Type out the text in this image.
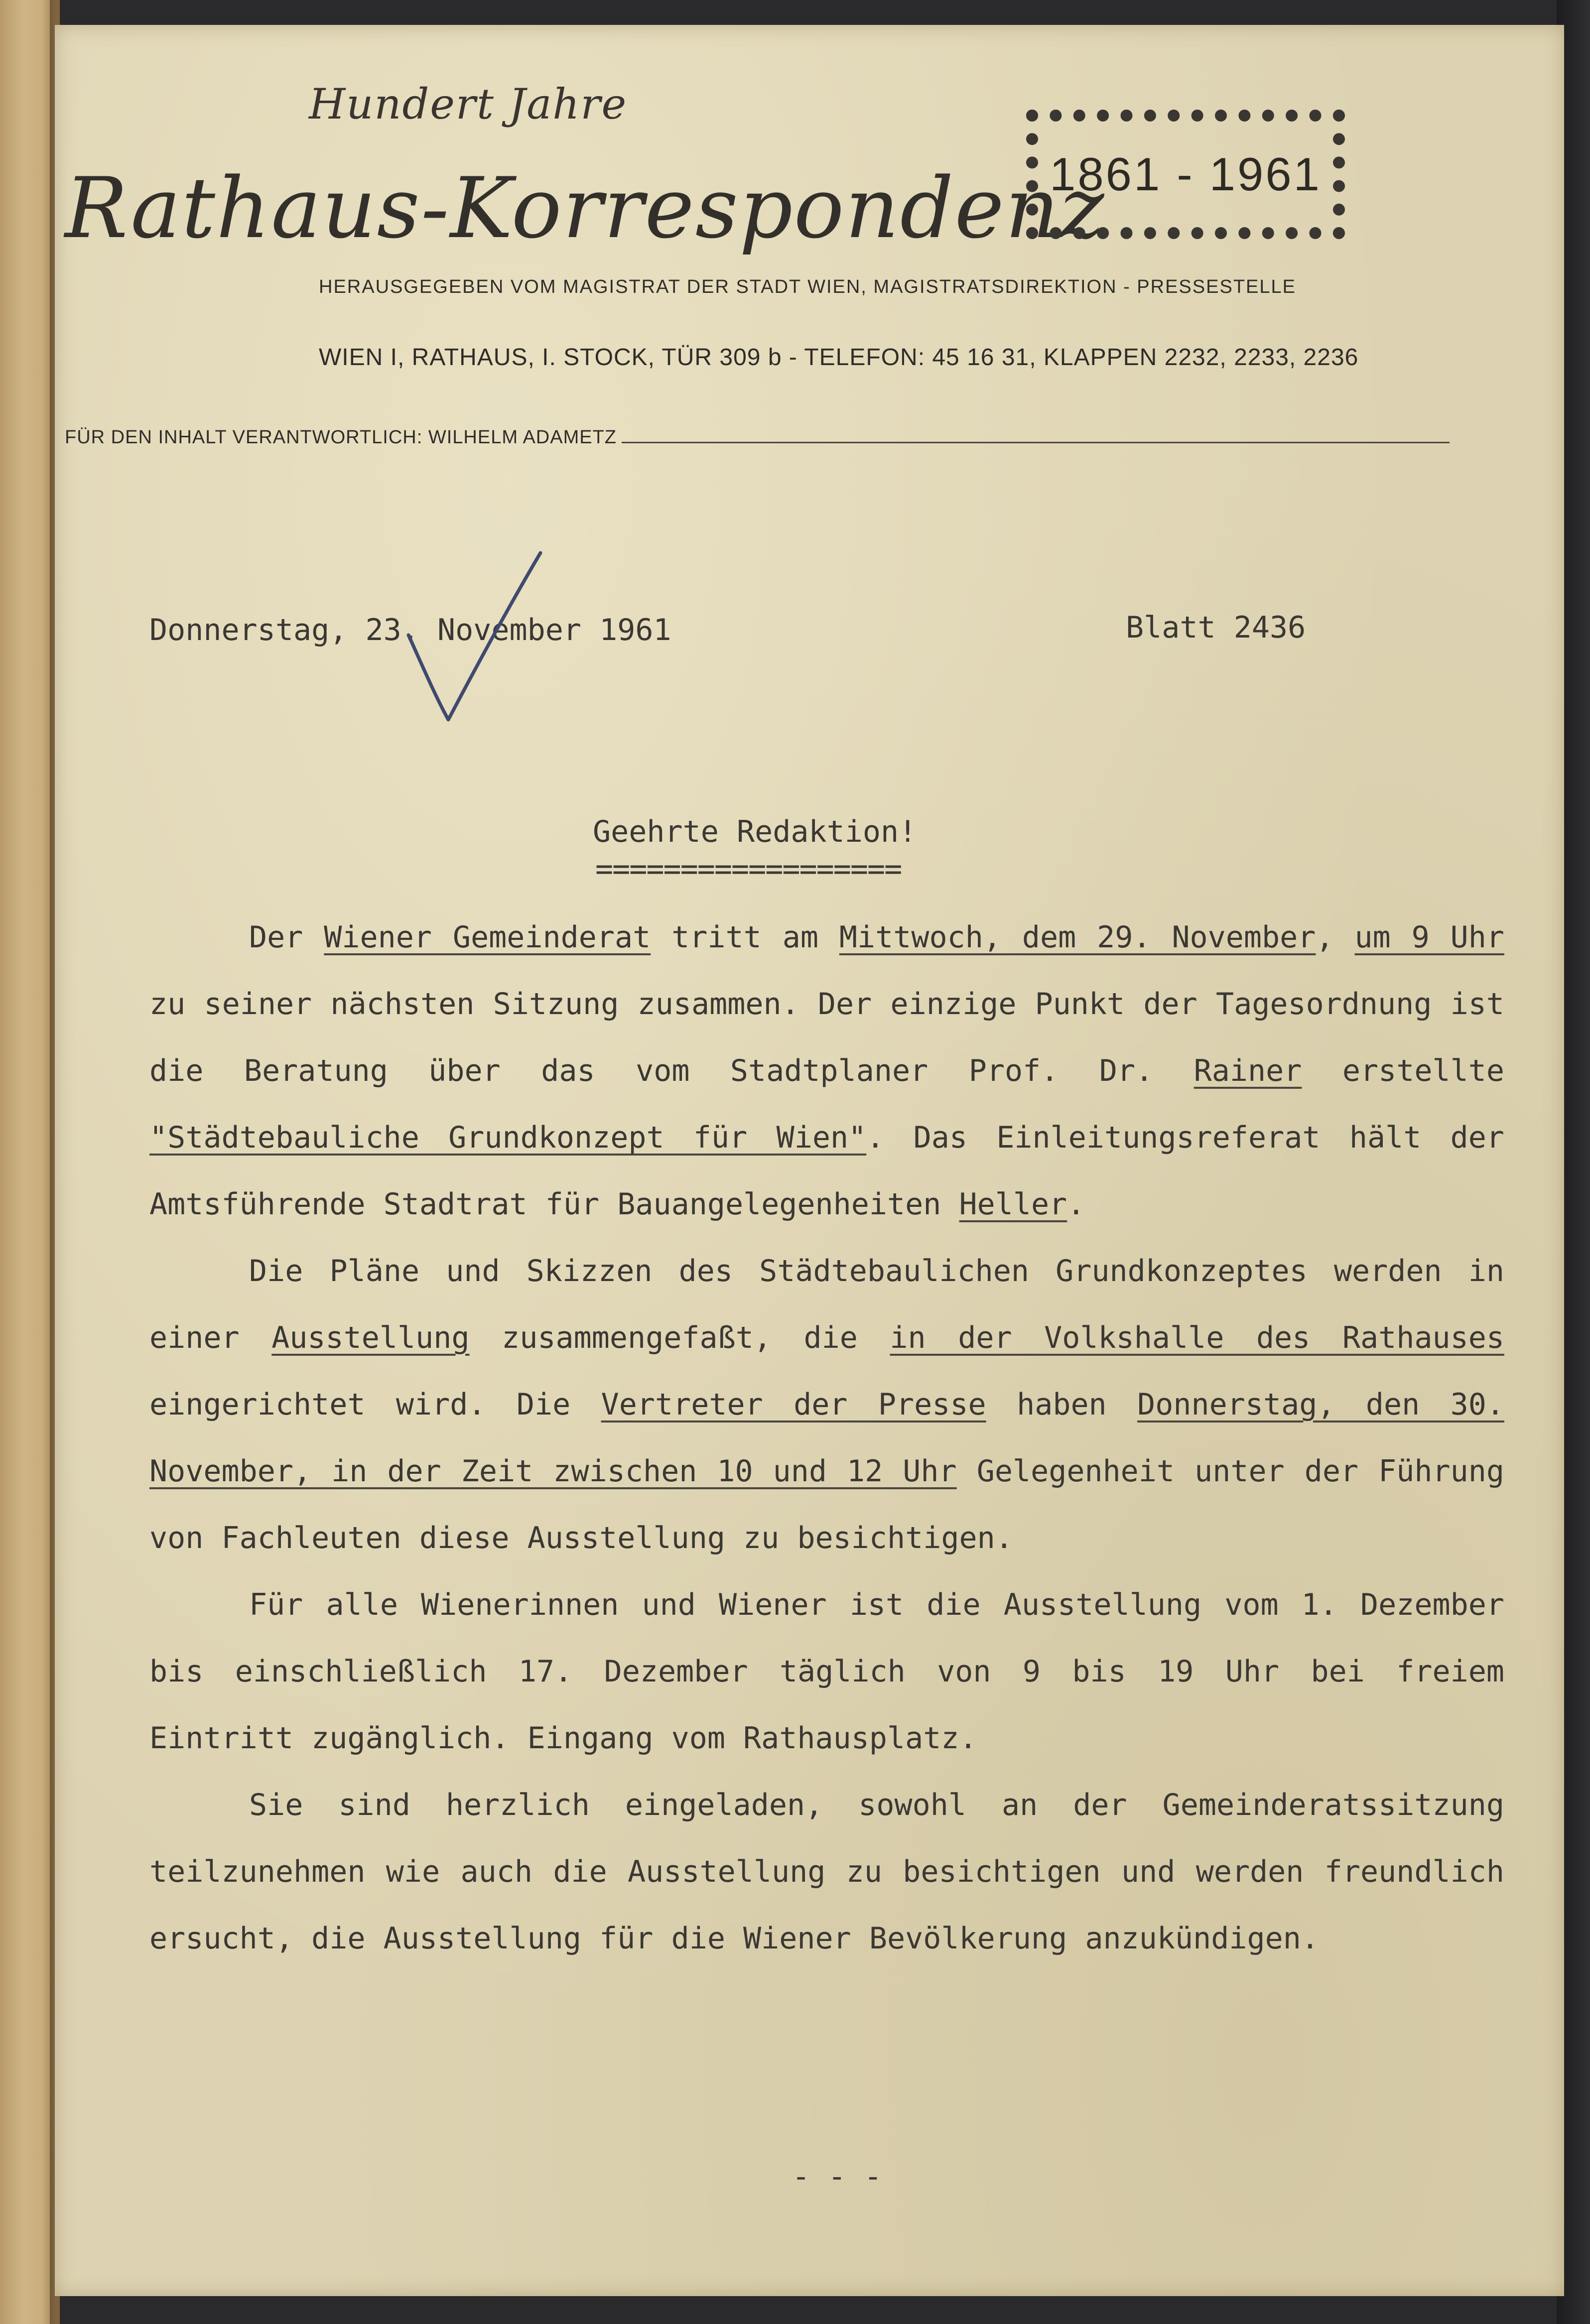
Hundert Jahre
Rathaus-Korrespondenz
1861 - 1961
HERAUSGEGEBEN VOM MAGISTRAT DER STADT WIEN, MAGISTRATSDIREKTION - PRESSESTELLE
WIEN I, RATHAUS, I. STOCK, TÜR 309 b - TELEFON: 45 16 31, KLAPPEN 2232, 2233, 2236
FÜR DEN INHALT VERANTWORTLICH: WILHELM ADAMETZ
Donnerstag, 23. November 1961	Blatt 2436
Geehrte Redaktion!
==================

Der Wiener Gemeinderat tritt am Mittwoch, dem 29. November, um 9 Uhr zu seiner nächsten Sitzung zusammen. Der einzige Punkt der Tagesordnung ist die Beratung über das vom Stadtplaner Prof. Dr. Rainer erstellte "Städtebauliche Grundkonzept für Wien". Das Einleitungsreferat hält der Amtsführende Stadtrat für Bauangelegenheiten Heller.

Die Pläne und Skizzen des Städtebaulichen Grundkonzeptes werden in einer Ausstellung zusammengefaßt, die in der Volkshalle des Rathauses eingerichtet wird. Die Vertreter der Presse haben Donnerstag, den 30. November, in der Zeit zwischen 10 und 12 Uhr Gelegenheit unter der Führung von Fachleuten diese Ausstellung zu besichtigen.

Für alle Wienerinnen und Wiener ist die Ausstellung vom 1. Dezember bis einschließlich 17. Dezember täglich von 9 bis 19 Uhr bei freiem Eintritt zugänglich. Eingang vom Rathausplatz.

Sie sind herzlich eingeladen, sowohl an der Gemeinderatssitzung teilzunehmen wie auch die Ausstellung zu besichtigen und werden freundlich ersucht, die Ausstellung für die Wiener Bevölkerung anzukündigen.

- - -
